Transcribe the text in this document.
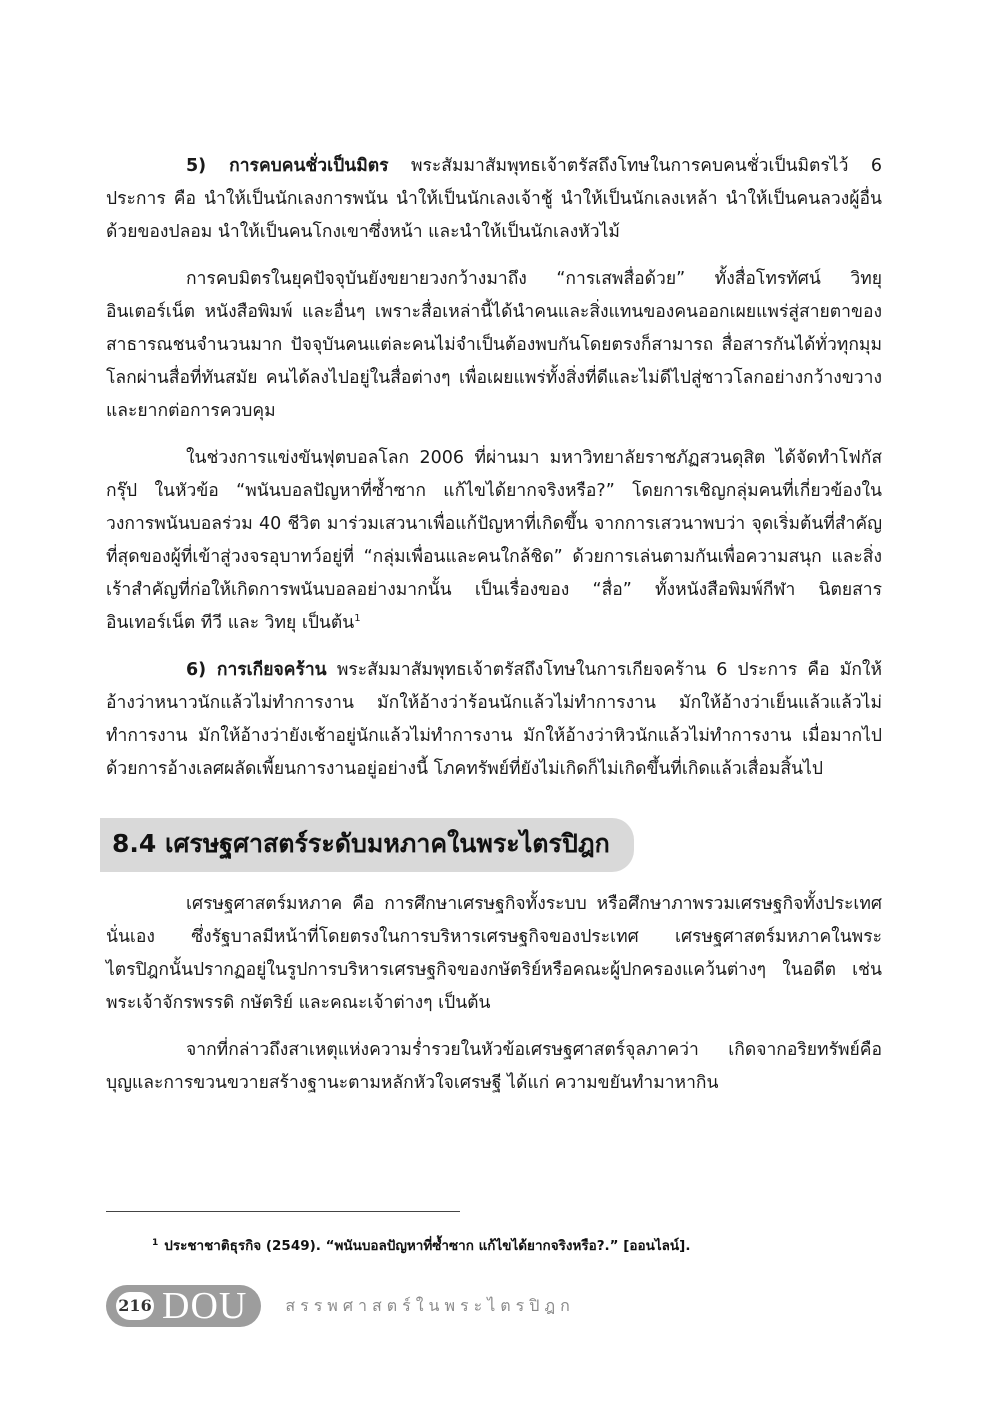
5) การคบคนชั่วเป็นมิตร พระสัมมาสัมพุทธเจ้าตรัสถึงโทษในการคบคนชั่วเป็นมิตรไว้ 6 ประการ คือ นำให้เป็นนักเลงการพนัน นำให้เป็นนักเลงเจ้าชู้ นำให้เป็นนักเลงเหล้า นำให้เป็นคนลวงผู้อื่นด้วยของปลอม นำให้เป็นคนโกงเขาซึ่งหน้า และนำให้เป็นนักเลงหัวไม้

การคบมิตรในยุคปัจจุบันยังขยายวงกว้างมาถึง “การเสพสื่อด้วย” ทั้งสื่อโทรทัศน์ วิทยุ อินเตอร์เน็ต หนังสือพิมพ์ และอื่นๆ เพราะสื่อเหล่านี้ได้นำคนและสิ่งแทนของคนออกเผยแพร่สู่สายตาของสาธารณชนจำนวนมาก ปัจจุบันคนแต่ละคนไม่จำเป็นต้องพบกันโดยตรงก็สามารถ สื่อสารกันได้ทั่วทุกมุมโลกผ่านสื่อที่ทันสมัย คนได้ลงไปอยู่ในสื่อต่างๆ เพื่อเผยแพร่ทั้งสิ่งที่ดีและไม่ดีไปสู่ชาวโลกอย่างกว้างขวางและยากต่อการควบคุม

ในช่วงการแข่งขันฟุตบอลโลก 2006 ที่ผ่านมา มหาวิทยาลัยราชภัฏสวนดุสิต ได้จัดทำโฟกัสกรุ๊ป ในหัวข้อ “พนันบอลปัญหาที่ซ้ำซาก แก้ไขได้ยากจริงหรือ?” โดยการเชิญกลุ่มคนที่เกี่ยวข้องในวงการพนันบอลร่วม 40 ชีวิต มาร่วมเสวนาเพื่อแก้ปัญหาที่เกิดขึ้น จากการเสวนาพบว่า จุดเริ่มต้นที่สำคัญที่สุดของผู้ที่เข้าสู่วงจรอุบาทว์อยู่ที่ “กลุ่มเพื่อนและคนใกล้ชิด” ด้วยการเล่นตามกันเพื่อความสนุก และสิ่งเร้าสำคัญที่ก่อให้เกิดการพนันบอลอย่างมากนั้น เป็นเรื่องของ “สื่อ” ทั้งหนังสือพิมพ์กีฬา นิตยสาร อินเทอร์เน็ต ทีวี และ วิทยุ เป็นต้น$^1$

6) การเกียจคร้าน พระสัมมาสัมพุทธเจ้าตรัสถึงโทษในการเกียจคร้าน 6 ประการ คือ มักให้อ้างว่าหนาวนักแล้วไม่ทำการงาน มักให้อ้างว่าร้อนนักแล้วไม่ทำการงาน มักให้อ้างว่าเย็นแล้วแล้วไม่ทำการงาน มักให้อ้างว่ายังเช้าอยู่นักแล้วไม่ทำการงาน มักให้อ้างว่าหิวนักแล้วไม่ทำการงาน เมื่อมากไปด้วยการอ้างเลศผลัดเพี้ยนการงานอยู่อย่างนี้ โภคทรัพย์ที่ยังไม่เกิดก็ไม่เกิดขึ้นที่เกิดแล้วเสื่อมสิ้นไป

8.4 เศรษฐศาสตร์ระดับมหภาคในพระไตรปิฎก

เศรษฐศาสตร์มหภาค คือ การศึกษาเศรษฐกิจทั้งระบบ หรือศึกษาภาพรวมเศรษฐกิจทั้งประเทศนั่นเอง ซึ่งรัฐบาลมีหน้าที่โดยตรงในการบริหารเศรษฐกิจของประเทศ เศรษฐศาสตร์มหภาคในพระไตรปิฎกนั้นปรากฏอยู่ในรูปการบริหารเศรษฐกิจของกษัตริย์หรือคณะผู้ปกครองแคว้นต่างๆ ในอดีต เช่น พระเจ้าจักรพรรดิ กษัตริย์ และคณะเจ้าต่างๆ เป็นต้น

จากที่กล่าวถึงสาเหตุแห่งความร่ำรวยในหัวข้อเศรษฐศาสตร์จุลภาคว่า เกิดจากอริยทรัพย์คือบุญและการขวนขวายสร้างฐานะตามหลักหัวใจเศรษฐี ได้แก่ ความขยันทำมาหากิน

$^1$ ประชาชาติธุรกิจ (2549). “พนันบอลปัญหาที่ซ้ำซาก แก้ไขได้ยากจริงหรือ?.” [ออนไลน์].
216 DOU สรรพศาสตร์ในพระไตรปิฎก
